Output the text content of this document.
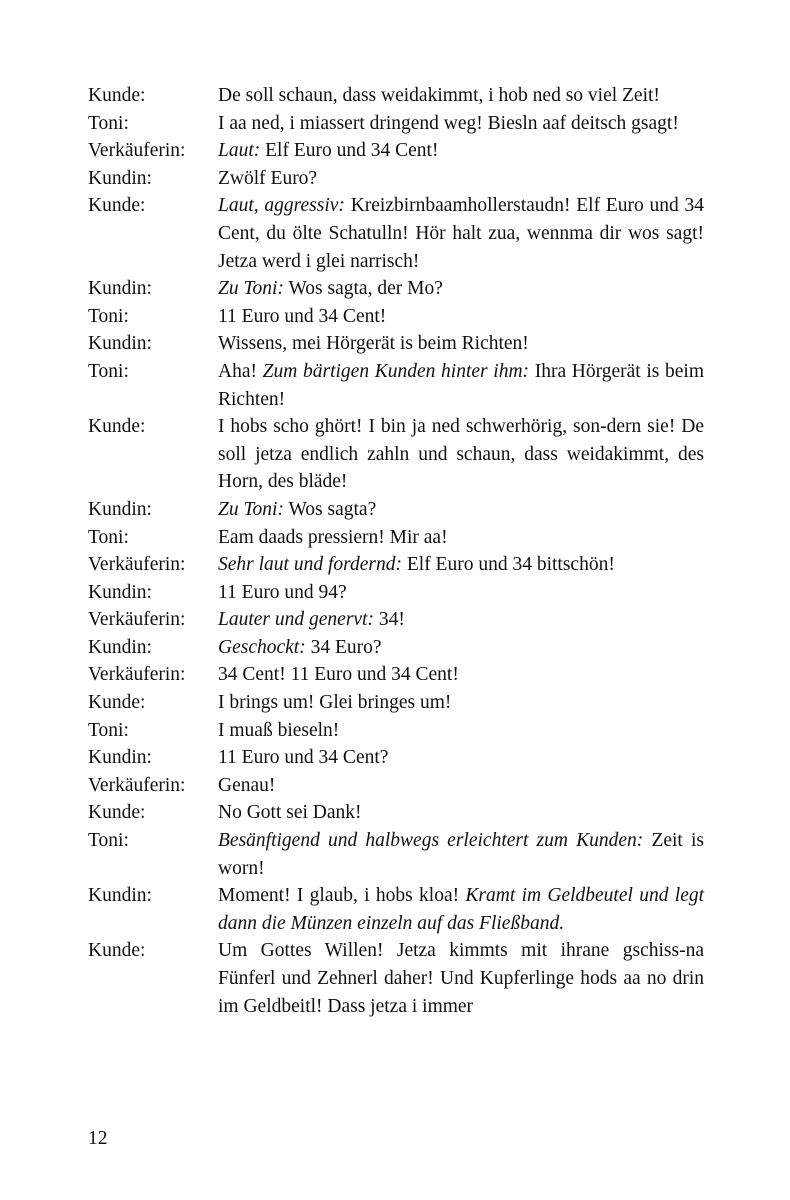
Kunde:	De soll schaun, dass weidakimmt, i hob ned so viel Zeit!
Toni:	I aa ned, i miassert dringend weg! Biesln aaf deitsch gsagt!
Verkäuferin:	Laut: Elf Euro und 34 Cent!
Kundin:	Zwölf Euro?
Kunde:	Laut, aggressiv: Kreizbirnbaamhollerstaudn! Elf Euro und 34 Cent, du ölte Schatulln! Hör halt zua, wennma dir wos sagt! Jetza werd i glei narrisch!
Kundin:	Zu Toni: Wos sagta, der Mo?
Toni:	11 Euro und 34 Cent!
Kundin:	Wissens, mei Hörgerät is beim Richten!
Toni:	Aha! Zum bärtigen Kunden hinter ihm: Ihra Hörgerät is beim Richten!
Kunde:	I hobs scho ghört! I bin ja ned schwerhörig, son-dern sie! De soll jetza endlich zahln und schaun, dass weidakimmt, des Horn, des bläde!
Kundin:	Zu Toni: Wos sagta?
Toni:	Eam daads pressiern! Mir aa!
Verkäuferin:	Sehr laut und fordernd: Elf Euro und 34 bittschön!
Kundin:	11 Euro und 94?
Verkäuferin:	Lauter und genervt: 34!
Kundin:	Geschockt: 34 Euro?
Verkäuferin:	34 Cent! 11 Euro und 34 Cent!
Kunde:	I brings um! Glei bringes um!
Toni:	I muaß bieseln!
Kundin:	11 Euro und 34 Cent?
Verkäuferin:	Genau!
Kunde:	No Gott sei Dank!
Toni:	Besänftigend und halbwegs erleichtert zum Kunden: Zeit is worn!
Kundin:	Moment! I glaub, i hobs kloa! Kramt im Geldbeutel und legt dann die Münzen einzeln auf das Fließband.
Kunde:	Um Gottes Willen! Jetza kimmts mit ihrane gschiss-na Fünferl und Zehnerl daher! Und Kupferlinge hods aa no drin im Geldbeitl! Dass jetza i immer
12
